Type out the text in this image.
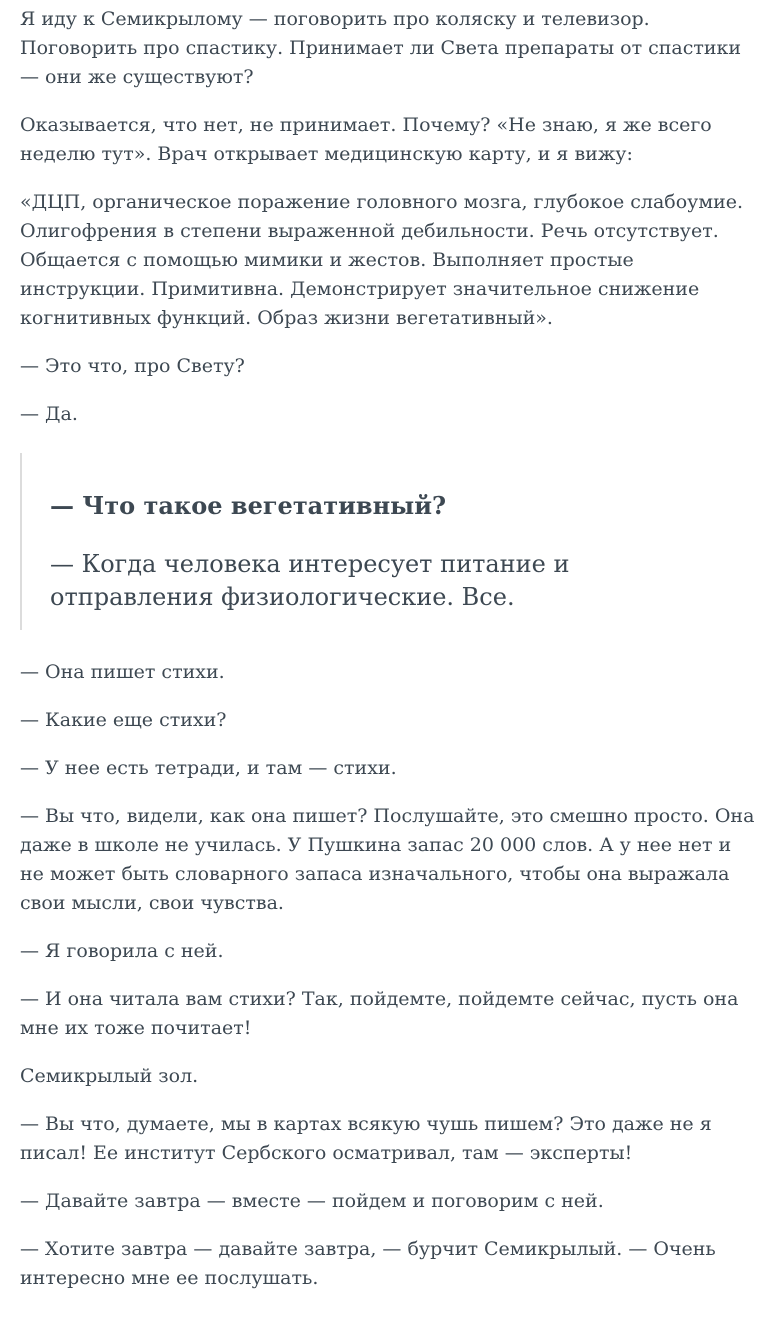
Я иду к Семикрылому — поговорить про коляску и телевизор. Поговорить про спастику. Принимает ли Света препараты от спастики — они же существуют?

Оказывается, что нет, не принимает. Почему? «Не знаю, я же всего неделю тут». Врач открывает медицинскую карту, и я вижу:

«ДЦП, органическое поражение головного мозга, глубокое слабоумие. Олигофрения в степени выраженной дебильности. Речь отсутствует. Общается с помощью мимики и жестов. Выполняет простые инструкции. Примитивна. Демонстрирует значительное снижение когнитивных функций. Образ жизни вегетативный».

— Это что, про Свету?

— Да.

— Что такое вегетативный?

— Когда человека интересует питание и отправления физиологические. Все.

— Она пишет стихи.

— Какие еще стихи?

— У нее есть тетради, и там — стихи.

— Вы что, видели, как она пишет? Послушайте, это смешно просто. Она даже в школе не училась. У Пушкина запас 20 000 слов. А у нее нет и не может быть словарного запаса изначального, чтобы она выражала свои мысли, свои чувства.

— Я говорила с ней.

— И она читала вам стихи? Так, пойдемте, пойдемте сейчас, пусть она мне их тоже почитает!

Семикрылый зол.

— Вы что, думаете, мы в картах всякую чушь пишем? Это даже не я писал! Ее институт Сербского осматривал, там — эксперты!

— Давайте завтра — вместе — пойдем и поговорим с ней.

— Хотите завтра — давайте завтра, — бурчит Семикрылый. — Очень интересно мне ее послушать.
